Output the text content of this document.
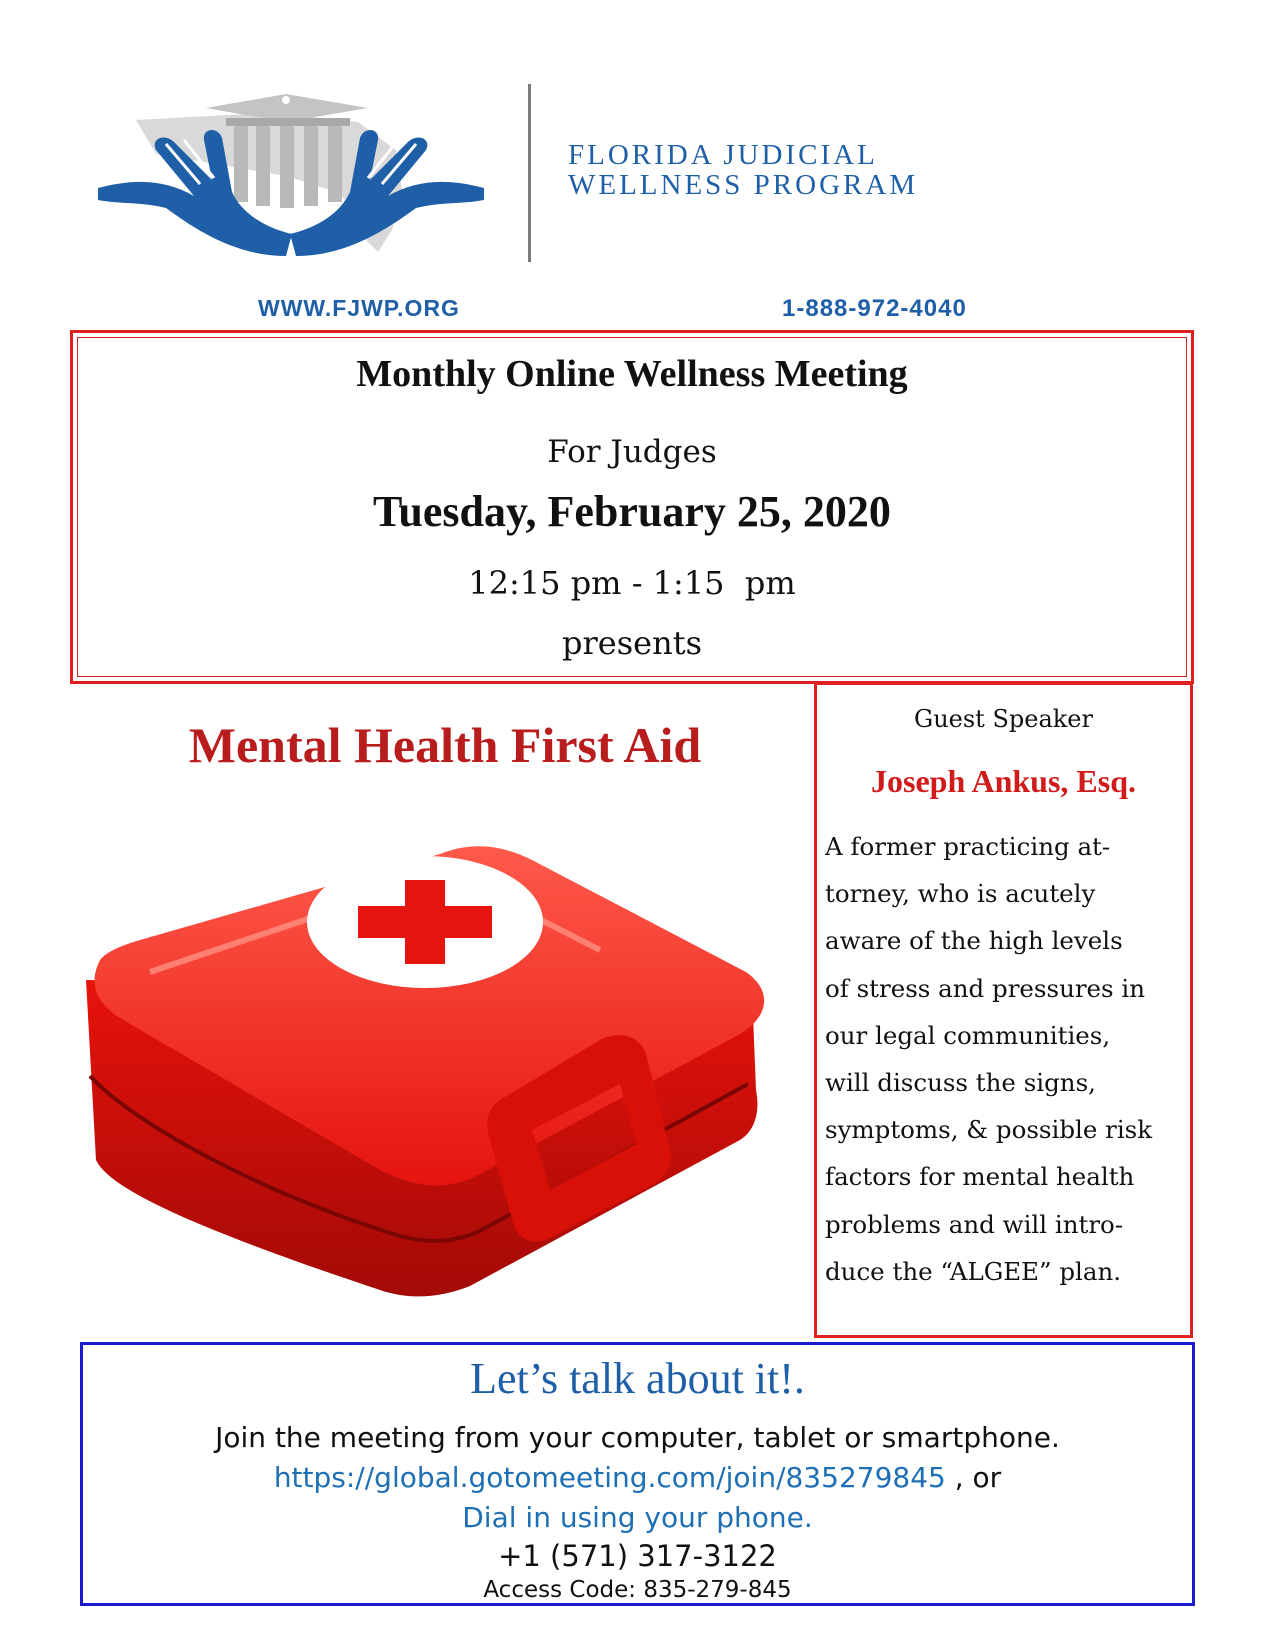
FLORIDA JUDICIAL
WELLNESS PROGRAM
WWW.FJWP.ORG	1-888-972-4040
Monthly Online Wellness Meeting
For Judges
Tuesday, February 25, 2020
12:15 pm - 1:15  pm
presents
Mental Health First Aid	Guest Speaker
Joseph Ankus, Esq.
A former practicing at-
torney, who is acutely
aware of the high levels
of stress and pressures in
our legal communities,
will discuss the signs,
symptoms, & possible risk
factors for mental health
problems and will intro-
duce the “ALGEE” plan.
Let’s talk about it!.
Join the meeting from your computer, tablet or smartphone.
https://global.gotomeeting.com/join/835279845 , or
Dial in using your phone.
+1 (571) 317-3122
Access Code: 835-279-845
